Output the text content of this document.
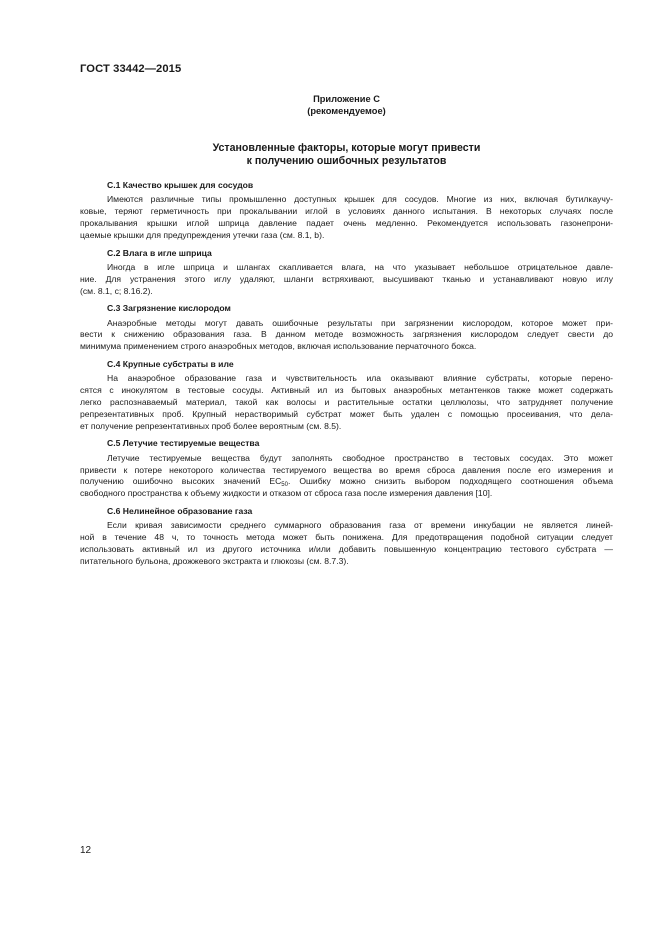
ГОСТ 33442—2015
Приложение С
(рекомендуемое)
Установленные факторы, которые могут привести
к получению ошибочных результатов
С.1 Качество крышек для сосудов
Имеются различные типы промышленно доступных крышек для сосудов. Многие из них, включая бутилкаучу-
ковые, теряют герметичность при прокалывании иглой в условиях данного испытания. В некоторых случаях после
прокалывания крышки иглой шприца давление падает очень медленно. Рекомендуется использовать газонепрони-
цаемые крышки для предупреждения утечки газа (см. 8.1, b).
С.2 Влага в игле шприца
Иногда в игле шприца и шлангах скапливается влага, на что указывает небольшое отрицательное давле-
ние. Для устранения этого иглу удаляют, шланги встряхивают, высушивают тканью и устанавливают новую иглу
(см. 8.1, с; 8.16.2).
С.3 Загрязнение кислородом
Анаэробные методы могут давать ошибочные результаты при загрязнении кислородом, которое может при-
вести к снижению образования газа. В данном методе возможность загрязнения кислородом следует свести до
минимума применением строго анаэробных методов, включая использование перчаточного бокса.
С.4 Крупные субстраты в иле
На анаэробное образование газа и чувствительность ила оказывают влияние субстраты, которые перено-
сятся с инокулятом в тестовые сосуды. Активный ил из бытовых анаэробных метантенков также может содержать
легко распознаваемый материал, такой как волосы и растительные остатки целлюлозы, что затрудняет получение
репрезентативных проб. Крупный нерастворимый субстрат может быть удален с помощью просеивания, что дела-
ет получение репрезентативных проб более вероятным (см. 8.5).
С.5 Летучие тестируемые вещества
Летучие тестируемые вещества будут заполнять свободное пространство в тестовых сосудах. Это может
привести к потере некоторого количества тестируемого вещества во время сброса давления после его измерения и
получению ошибочно высоких значений $EC_{50}$. Ошибку можно снизить выбором подходящего соотношения объема
свободного пространства к объему жидкости и отказом от сброса газа после измерения давления [10].
С.6 Нелинейное образование газа
Если кривая зависимости среднего суммарного образования газа от времени инкубации не является линей-
ной в течение 48 ч, то точность метода может быть понижена. Для предотвращения подобной ситуации следует
использовать активный ил из другого источника и/или добавить повышенную концентрацию тестового субстрата —
питательного бульона, дрожжевого экстракта и глюкозы (см. 8.7.3).
12
